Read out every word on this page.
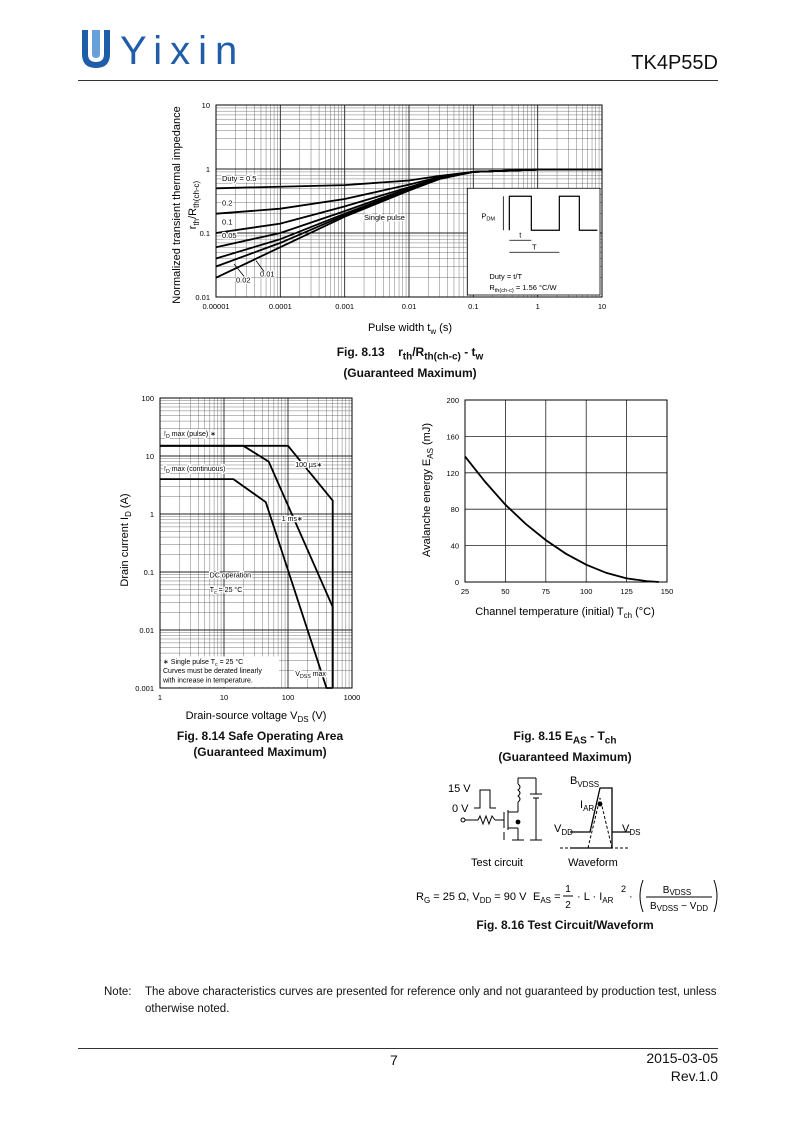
Yixin	TK4P55D
Normalized transient thermal impedance $r_{th}/R_{th(ch-c)}$
0.00001	0.0001	0.001	0.01	0.1	1	10
0.01
0.1
1
10
Duty = 0.5
0.2
0.1
0.05
0.02
0.01
Single pulse	$P_{DM}$
t
T
Duty = t/T
$R_{th(ch-c)} = 1.56$ °C/W
Pulse width $t_w$ (s)
Fig. 8.13 $r_{th}/R_{th(ch-c)} - t_w$
(Guaranteed Maximum)
Drain current $I_D$ (A)
1	10	100	1000
0.001
0.01
0.1
1
10
100
$I_D$ max (pulse) ∗
$I_D$ max (continuous)
100 µs∗
1 ms∗
DC operation
$T_c = 25$ °C
∗ Single pulse $T_c = 25$ °C
Curves must be derated linearly
with increase in temperature.
$V_{DSS}$ max
Drain-source voltage $V_{DS}$ (V)
Fig. 8.14 Safe Operating Area
(Guaranteed Maximum)
Avalanche energy $E_{AS}$ (mJ)
25	50	75	100	125	150
0
40
80
120
160
200
Channel temperature (initial) $T_{ch}$ (°C)
Fig. 8.15 $E_{AS} - T_{ch}$
(Guaranteed Maximum)
15 V
0 V
Test circuit
$B_{VDSS}$
$I_{AR}$
$V_{DD}$	$V_{DS}$
Waveform
$R_G = 25$ Ω, $V_{DD} = 90$ V $E_{AS}$ =
1
2
· $L \cdot I_{AR}$
2
·
$B_{VDSS}$
$B_{VDSS} - V_{DD}$
Fig. 8.16 Test Circuit/Waveform
Note: The above characteristics curves are presented for reference only and not guaranteed by production test, unless otherwise noted.
7	2015-03-05
Rev.1.0
